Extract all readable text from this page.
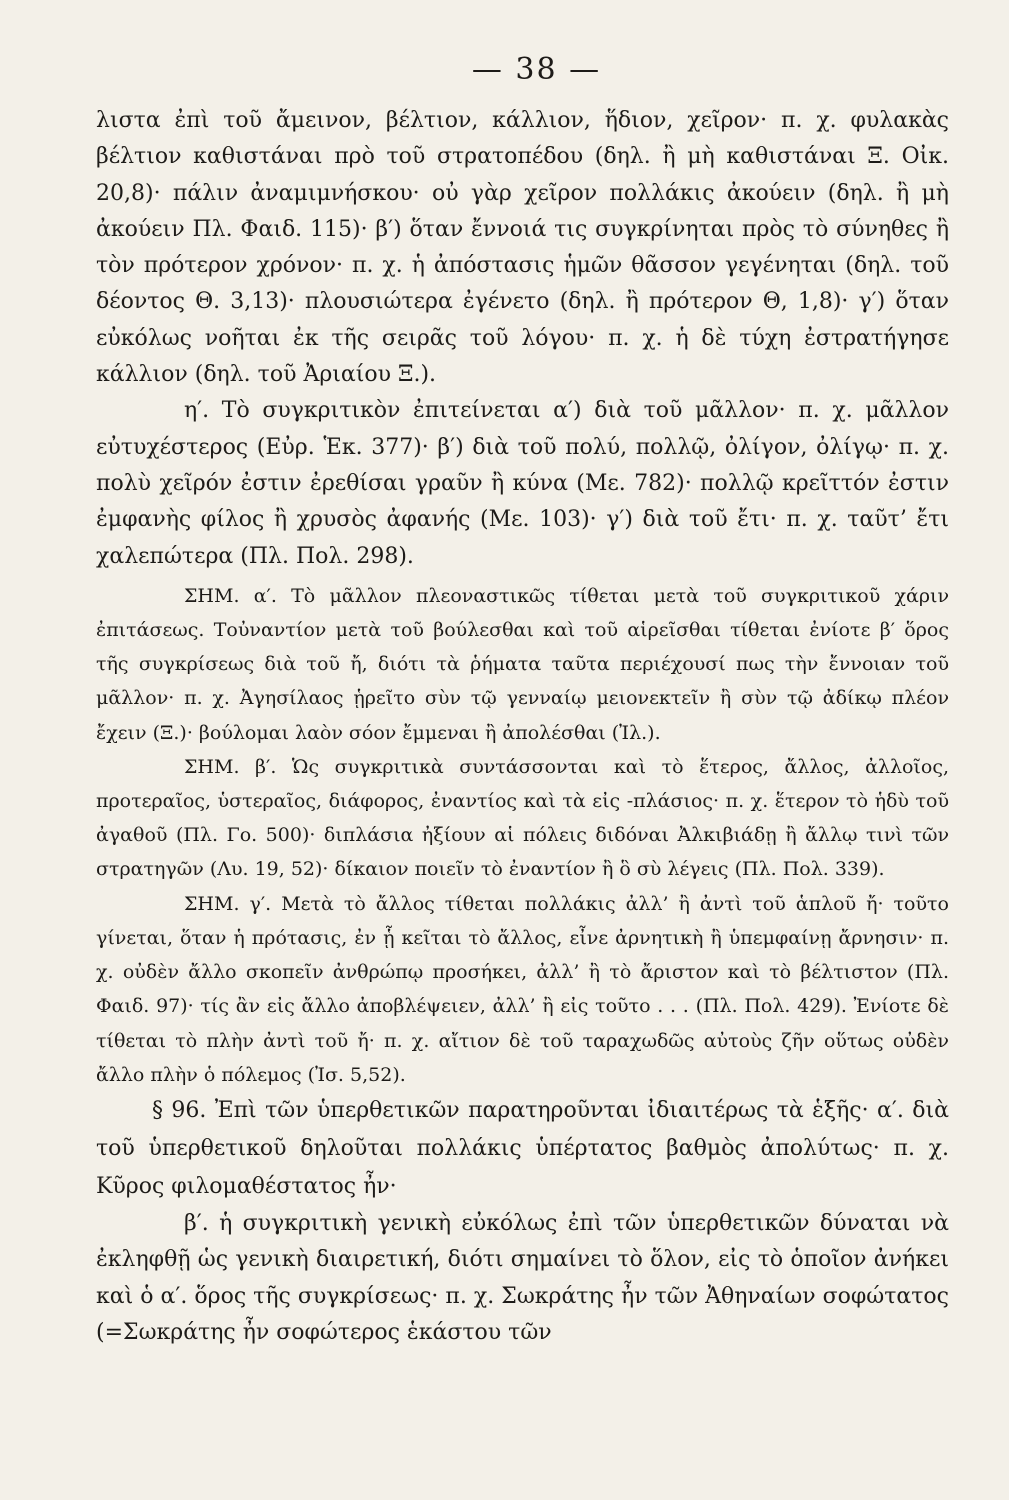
— 38 —

λιστα ἐπὶ τοῦ ἄμεινον, βέλτιον, κάλλιον, ἥδιον, χεῖρον· π. χ. φυλακὰς βέλτιον καθιστάναι πρὸ τοῦ στρατοπέδου (δηλ. ἢ μὴ καθιστάναι Ξ. Οἰκ. 20,8)· πάλιν ἀναμιμνήσκου· οὐ γὰρ χεῖρον πολλάκις ἀκούειν (δηλ. ἢ μὴ ἀκούειν Πλ. Φαιδ. 115)· β′) ὅταν ἔννοιά τις συγκρίνηται πρὸς τὸ σύνηθες ἢ τὸν πρότερον χρόνον· π. χ. ἡ ἀπόστασις ἡμῶν θᾶσσον γεγένηται (δηλ. τοῦ δέοντος Θ. 3,13)· πλουσιώτερα ἐγένετο (δηλ. ἢ πρότερον Θ, 1,8)· γ′) ὅταν εὐκόλως νοῆται ἐκ τῆς σειρᾶς τοῦ λόγου· π. χ. ἡ δὲ τύχη ἐστρατήγησε κάλλιον (δηλ. τοῦ Ἀριαίου Ξ.).

η′. Τὸ συγκριτικὸν ἐπιτείνεται α′) διὰ τοῦ μᾶλλον· π. χ. μᾶλλον εὐτυχέστερος (Εὐρ. Ἑκ. 377)· β′) διὰ τοῦ πολύ, πολλῷ, ὀλίγον, ὀλίγῳ· π. χ. πολὺ χεῖρόν ἐστιν ἐρεθίσαι γραῦν ἢ κύνα (Με. 782)· πολλῷ κρεῖττόν ἐστιν ἐμφανὴς φίλος ἢ χρυσὸς ἀφανής (Με. 103)· γ′) διὰ τοῦ ἔτι· π. χ. ταῦτ’ ἔτι χαλεπώτερα (Πλ. Πολ. 298).

ΣΗΜ. α′. Τὸ μᾶλλον πλεοναστικῶς τίθεται μετὰ τοῦ συγκριτικοῦ χάριν ἐπιτάσεως. Τοὐναντίον μετὰ τοῦ βούλεσθαι καὶ τοῦ αἱρεῖσθαι τίθεται ἐνίοτε β′ ὅρος τῆς συγκρίσεως διὰ τοῦ ἤ, διότι τὰ ῥήματα ταῦτα περιέχουσί πως τὴν ἔννοιαν τοῦ μᾶλλον· π. χ. Ἀγησίλαος ᾑρεῖτο σὺν τῷ γενναίῳ μειονεκτεῖν ἢ σὺν τῷ ἀδίκῳ πλέον ἔχειν (Ξ.)· βούλομαι λαὸν σόον ἔμμεναι ἢ ἀπολέσθαι (Ἰλ.).

ΣΗΜ. β′. Ὡς συγκριτικὰ συντάσσονται καὶ τὸ ἕτερος, ἄλλος, ἀλλοῖος, προτεραῖος, ὑστεραῖος, διάφορος, ἐναντίος καὶ τὰ εἰς -πλάσιος· π. χ. ἕτερον τὸ ἡδὺ τοῦ ἀγαθοῦ (Πλ. Γο. 500)· διπλάσια ἠξίουν αἱ πόλεις διδόναι Ἀλκιβιάδῃ ἢ ἄλλῳ τινὶ τῶν στρατηγῶν (Λυ. 19, 52)· δίκαιον ποιεῖν τὸ ἐναντίον ἢ ὃ σὺ λέγεις (Πλ. Πολ. 339).

ΣΗΜ. γ′. Μετὰ τὸ ἄλλος τίθεται πολλάκις ἀλλ’ ἢ ἀντὶ τοῦ ἁπλοῦ ἤ· τοῦτο γίνεται, ὅταν ἡ πρότασις, ἐν ᾗ κεῖται τὸ ἄλλος, εἶνε ἀρνητικὴ ἢ ὑπεμφαίνῃ ἄρνησιν· π. χ. οὐδὲν ἄλλο σκοπεῖν ἀνθρώπῳ προσήκει, ἀλλ’ ἢ τὸ ἄριστον καὶ τὸ βέλτιστον (Πλ. Φαιδ. 97)· τίς ἂν εἰς ἄλλο ἀποβλέψειεν, ἀλλ’ ἢ εἰς τοῦτο . . . (Πλ. Πολ. 429). Ἐνίοτε δὲ τίθεται τὸ πλὴν ἀντὶ τοῦ ἤ· π. χ. αἴτιον δὲ τοῦ ταραχωδῶς αὐτοὺς ζῆν οὕτως οὐδὲν ἄλλο πλὴν ὁ πόλεμος (Ἰσ. 5,52).

§ 96. Ἐπὶ τῶν ὑπερθετικῶν παρατηροῦνται ἰδιαιτέρως τὰ ἑξῆς· α′. διὰ τοῦ ὑπερθετικοῦ δηλοῦται πολλάκις ὑπέρτατος βαθμὸς ἀπολύτως· π. χ. Κῦρος φιλομαθέστατος ἦν·

β′. ἡ συγκριτικὴ γενικὴ εὐκόλως ἐπὶ τῶν ὑπερθετικῶν δύναται νὰ ἐκληφθῇ ὡς γενικὴ διαιρετική, διότι σημαίνει τὸ ὅλον, εἰς τὸ ὁποῖον ἀνήκει καὶ ὁ α′. ὅρος τῆς συγκρίσεως· π. χ. Σωκράτης ἦν τῶν Ἀθηναίων σοφώτατος (=Σωκράτης ἦν σοφώτερος ἑκάστου τῶν
